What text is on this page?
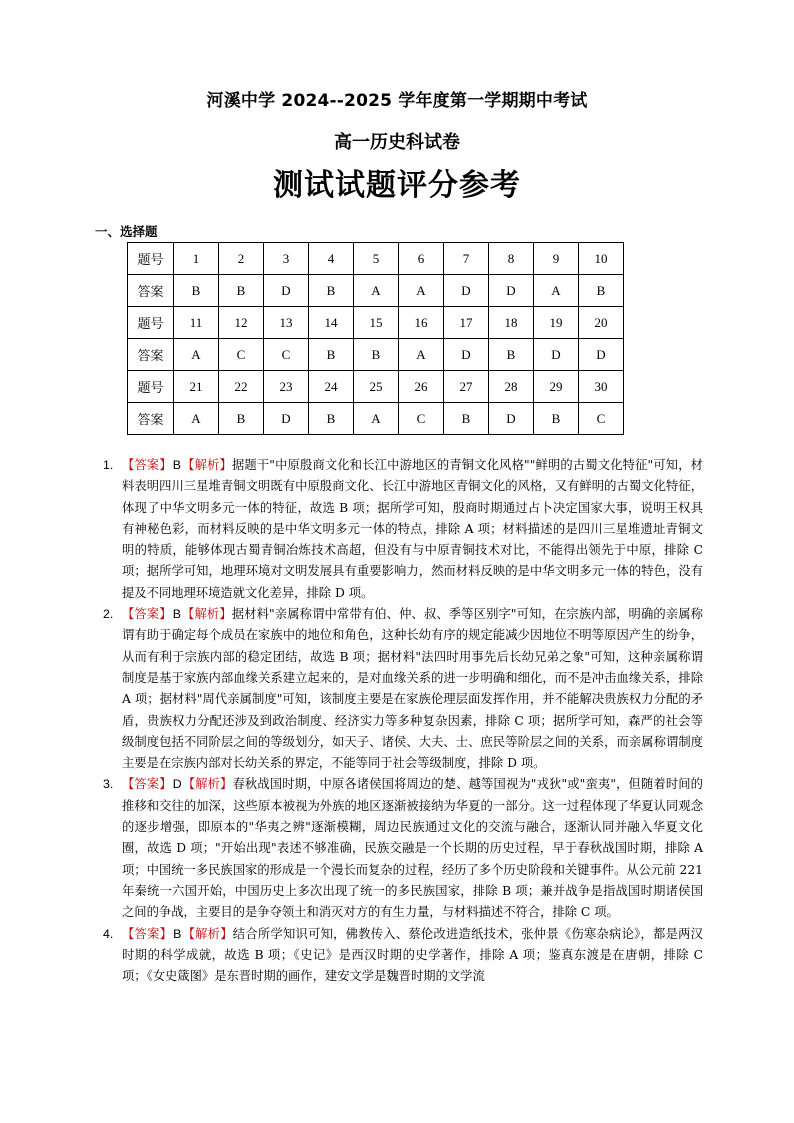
河溪中学 2024--2025 学年度第一学期期中考试
高一历史科试卷
测试试题评分参考
一、选择题
题号	1	2	3	4	5	6	7	8	9	10
答案	B	B	D	B	A	A	D	D	A	B
题号	11	12	13	14	15	16	17	18	19	20
答案	A	C	C	B	B	A	D	B	D	D
题号	21	22	23	24	25	26	27	28	29	30
答案	A	B	D	B	A	C	B	D	B	C
1. 【答案】B【解析】据题干"中原殷商文化和长江中游地区的青铜文化风格""鲜明的古蜀文化特征"可知，材料表明四川三星堆青铜文明既有中原殷商文化、长江中游地区青铜文化的风格，又有鲜明的古蜀文化特征，体现了中华文明多元一体的特征，故选 B 项；据所学可知，殷商时期通过占卜决定国家大事，说明王权具有神秘色彩，而材料反映的是中华文明多元一体的特点，排除 A 项；材料描述的是四川三星堆遗址青铜文明的特质，能够体现古蜀青铜冶炼技术高超，但没有与中原青铜技术对比，不能得出领先于中原，排除 C 项；据所学可知，地理环境对文明发展具有重要影响力，然而材料反映的是中华文明多元一体的特色，没有提及不同地理环境造就文化差异，排除 D 项。
2. 【答案】B【解析】据材料"亲属称谓中常带有伯、仲、叔、季等区别字"可知，在宗族内部，明确的亲属称谓有助于确定每个成员在家族中的地位和角色，这种长幼有序的规定能减少因地位不明等原因产生的纷争，从而有利于宗族内部的稳定团结，故选 B 项；据材料"法四时用事先后长幼兄弟之象"可知，这种亲属称谓制度是基于家族内部血缘关系建立起来的，是对血缘关系的进一步明确和细化，而不是冲击血缘关系，排除 A 项；据材料"周代亲属制度"可知，该制度主要是在家族伦理层面发挥作用，并不能解决贵族权力分配的矛盾，贵族权力分配还涉及到政治制度、经济实力等多种复杂因素，排除 C 项；据所学可知，森严的社会等级制度包括不同阶层之间的等级划分，如天子、诸侯、大夫、士、庶民等阶层之间的关系，而亲属称谓制度主要是在宗族内部对长幼关系的界定，不能等同于社会等级制度，排除 D 项。
3. 【答案】D【解析】春秋战国时期，中原各诸侯国将周边的楚、越等国视为"戎狄"或"蛮夷"，但随着时间的推移和交往的加深，这些原本被视为外族的地区逐渐被接纳为华夏的一部分。这一过程体现了华夏认同观念的逐步增强，即原本的"华夷之辨"逐渐模糊，周边民族通过文化的交流与融合，逐渐认同并融入华夏文化圈，故选 D 项；"开始出现"表述不够准确，民族交融是一个长期的历史过程，早于春秋战国时期，排除 A 项；中国统一多民族国家的形成是一个漫长而复杂的过程，经历了多个历史阶段和关键事件。从公元前 221 年秦统一六国开始，中国历史上多次出现了统一的多民族国家，排除 B 项；兼并战争是指战国时期诸侯国之间的争战，主要目的是争夺领土和消灭对方的有生力量，与材料描述不符合，排除 C 项。
4. 【答案】B【解析】结合所学知识可知，佛教传入、蔡伦改进造纸技术，张仲景《伤寒杂病论》，都是两汉时期的科学成就，故选 B 项；《史记》是西汉时期的史学著作，排除 A 项；鉴真东渡是在唐朝，排除 C 项；《女史箴图》是东晋时期的画作，建安文学是魏晋时期的文学流
